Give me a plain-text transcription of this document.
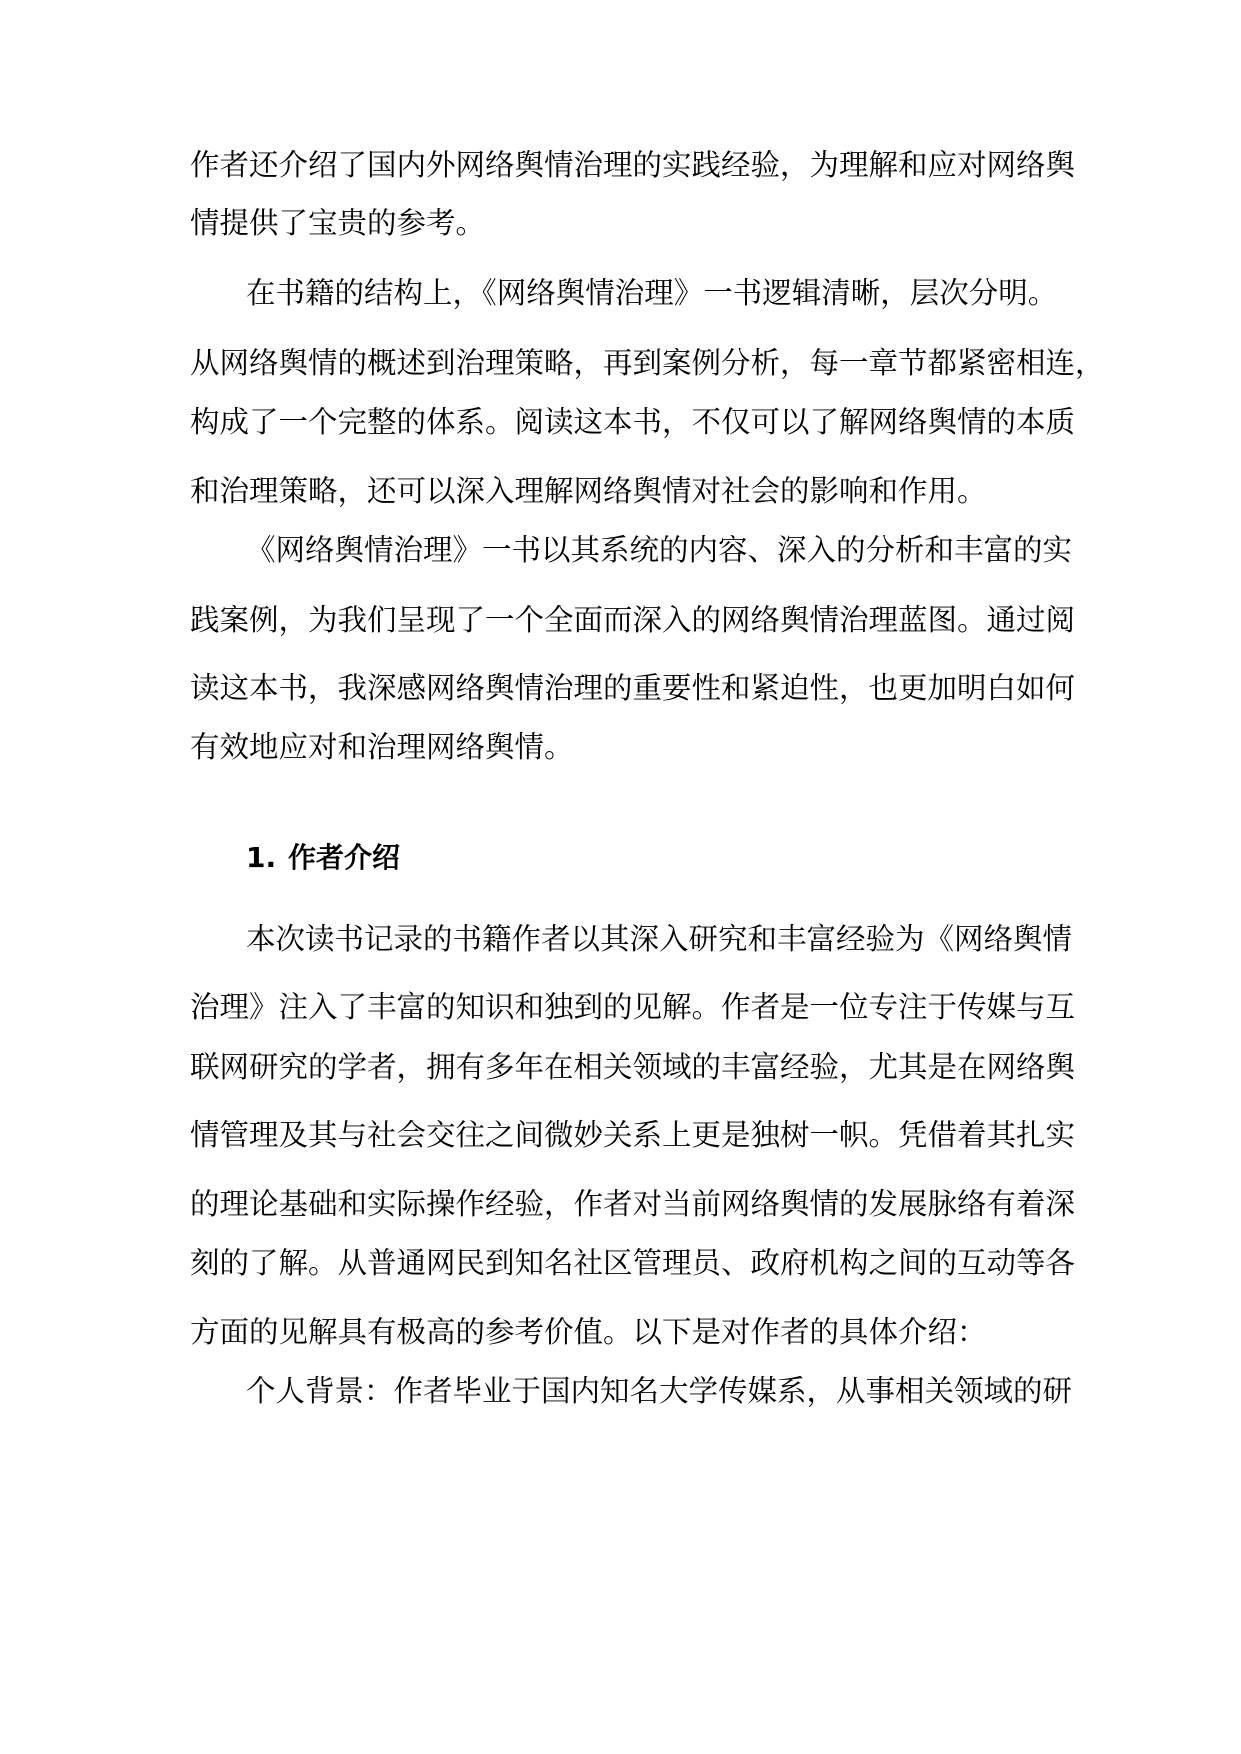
作者还介绍了国内外网络舆情治理的实践经验，为理解和应对网络舆
情提供了宝贵的参考。
在书籍的结构上，《网络舆情治理》一书逻辑清晰，层次分明。
从网络舆情的概述到治理策略，再到案例分析，每一章节都紧密相连，
构成了一个完整的体系。阅读这本书，不仅可以了解网络舆情的本质
和治理策略，还可以深入理解网络舆情对社会的影响和作用。
《网络舆情治理》一书以其系统的内容、深入的分析和丰富的实
践案例，为我们呈现了一个全面而深入的网络舆情治理蓝图。通过阅
读这本书，我深感网络舆情治理的重要性和紧迫性，也更加明白如何
有效地应对和治理网络舆情。
1. 作者介绍
本次读书记录的书籍作者以其深入研究和丰富经验为《网络舆情
治理》注入了丰富的知识和独到的见解。作者是一位专注于传媒与互
联网研究的学者，拥有多年在相关领域的丰富经验，尤其是在网络舆
情管理及其与社会交往之间微妙关系上更是独树一帜。凭借着其扎实
的理论基础和实际操作经验，作者对当前网络舆情的发展脉络有着深
刻的了解。从普通网民到知名社区管理员、政府机构之间的互动等各
方面的见解具有极高的参考价值。以下是对作者的具体介绍：
个人背景：作者毕业于国内知名大学传媒系，从事相关领域的研
